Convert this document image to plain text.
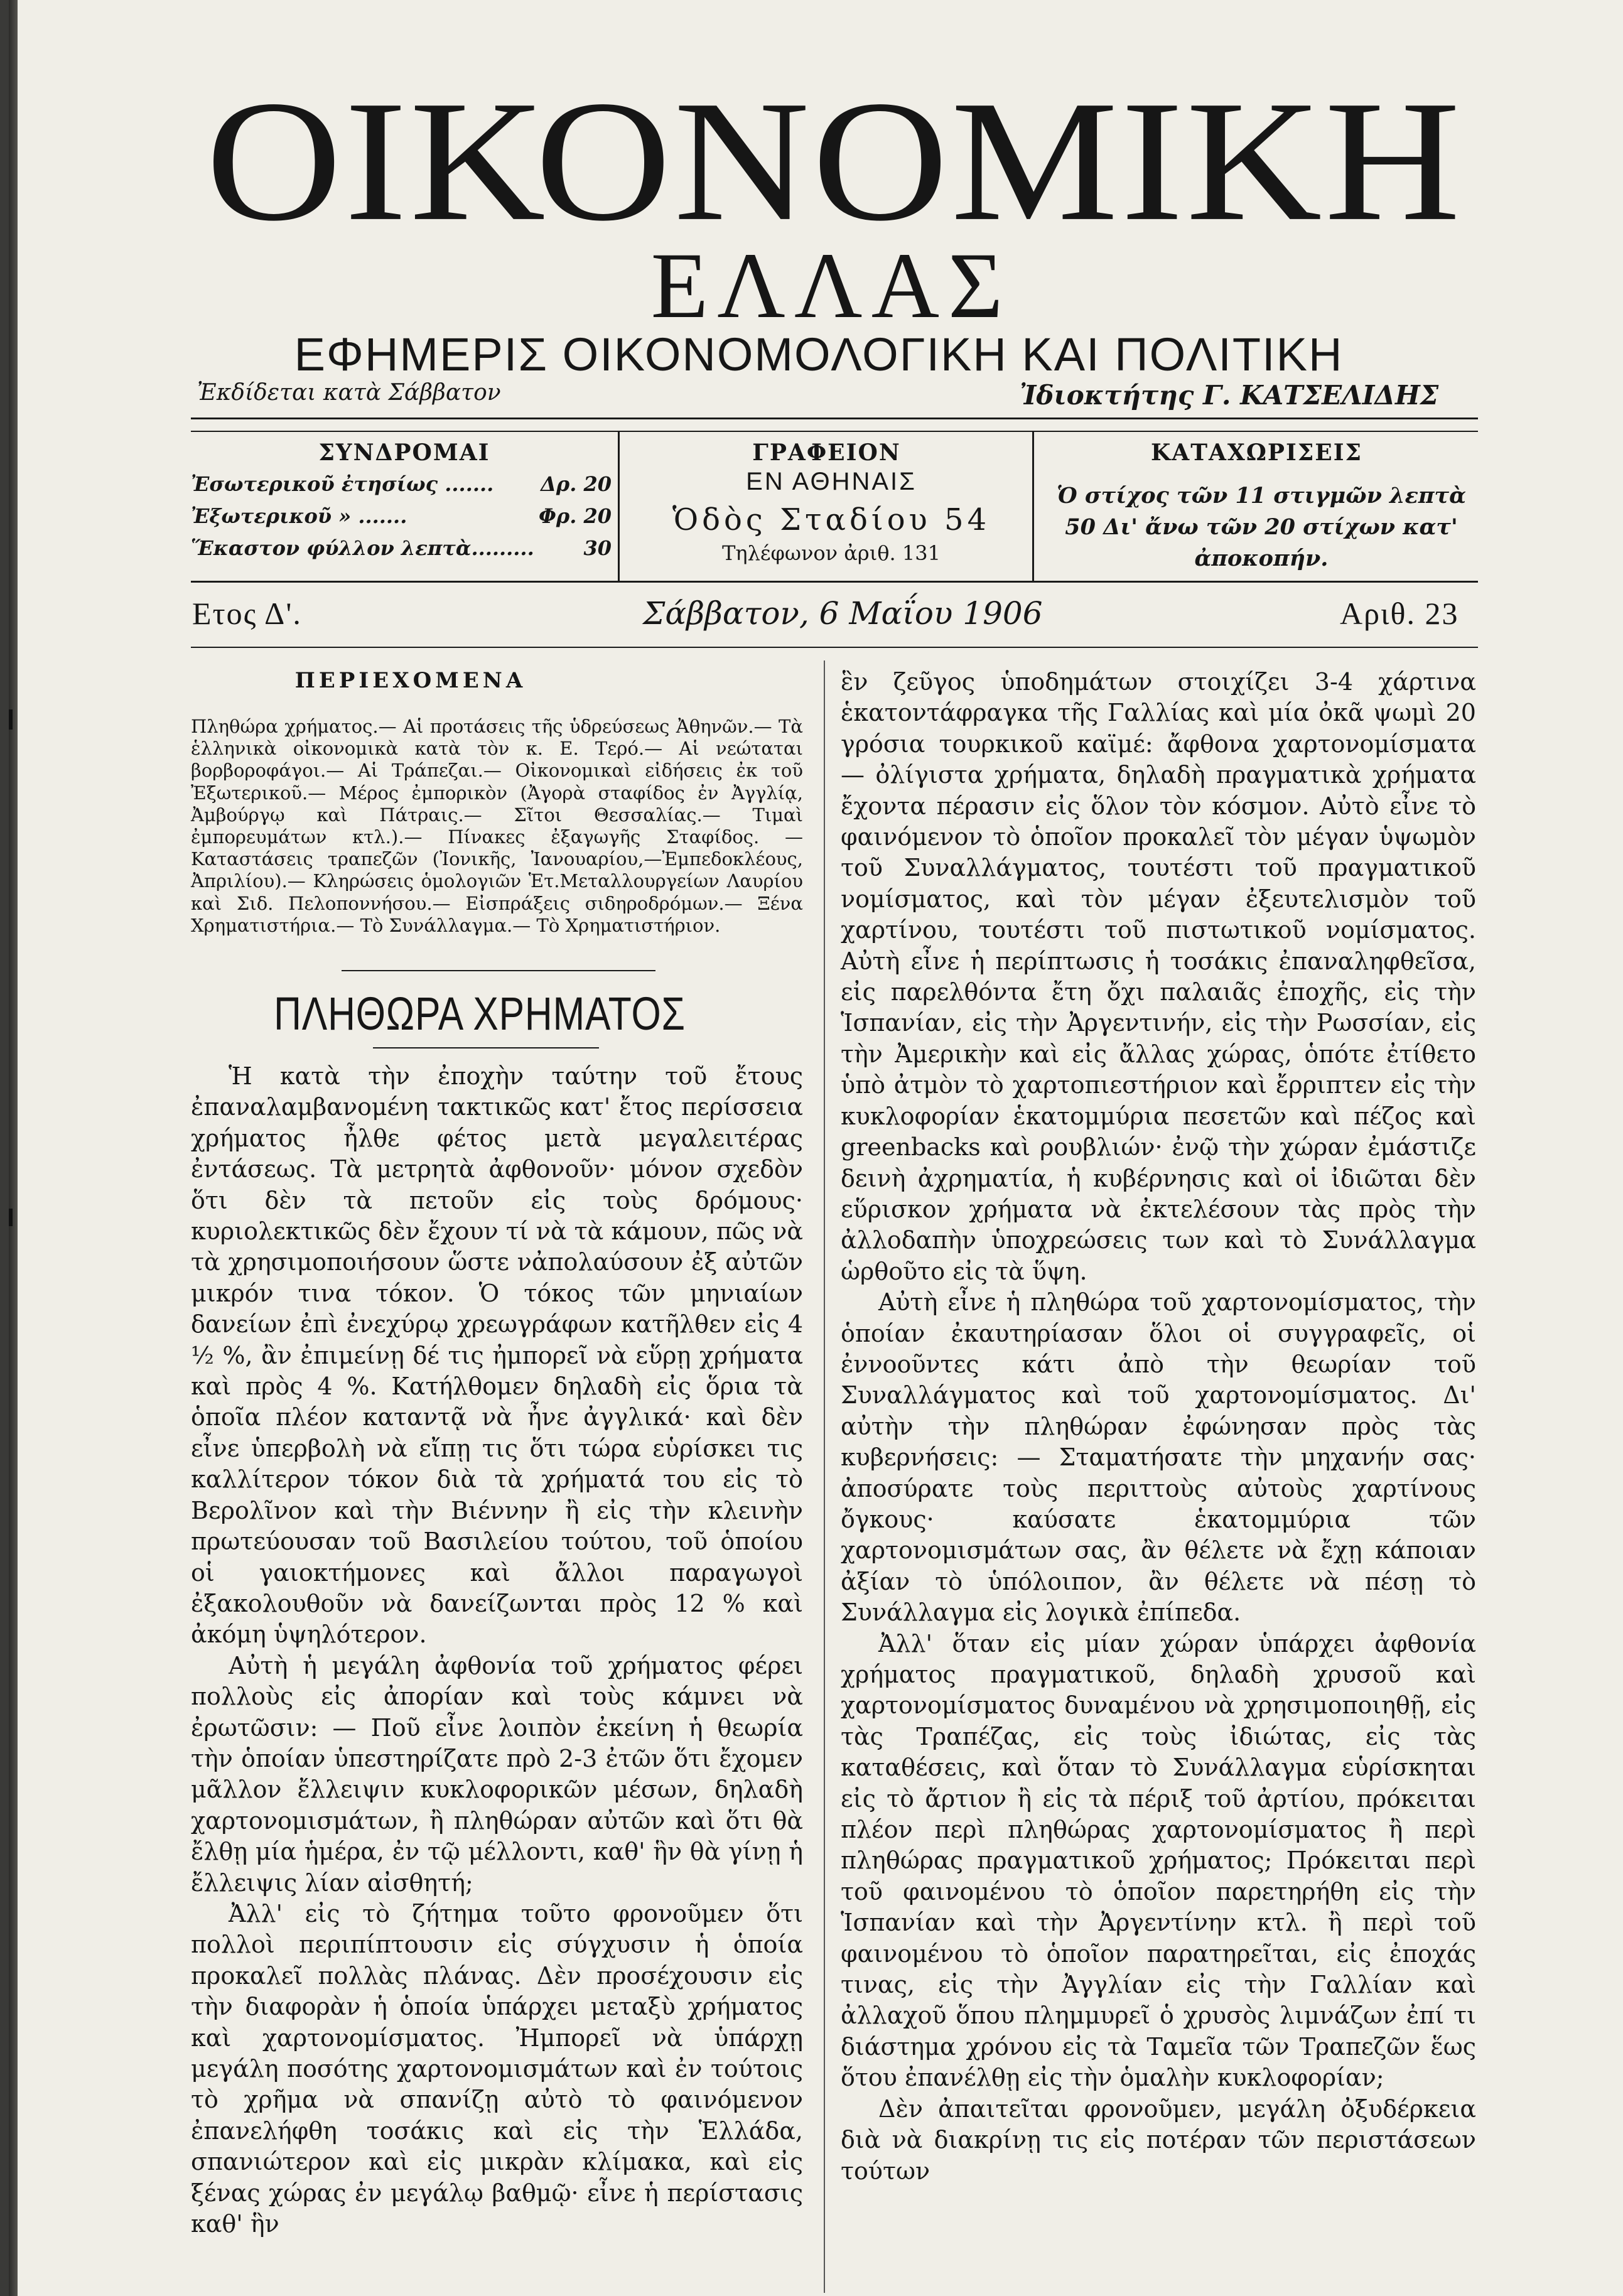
ΟΙΚΟΝΟΜΙΚΗ
ΕΛΛΑΣ
ΕΦΗΜΕΡΙΣ ΟΙΚΟΝΟΜΟΛΟΓΙΚΗ ΚΑΙ ΠΟΛΙΤΙΚΗ
Ἐκδίδεται κατὰ Σάββατον	Ἰδιοκτήτης Γ. ΚΑΤΣΕΛΙΔΗΣ
ΣΥΝΔΡΟΜΑΙ
Ἐσωτερικοῦ ἐτησίως ....... Δρ. 20
Ἐξωτερικοῦ » .......	Φρ. 20
Ἕκαστον φύλλον λεπτὰ......... 30
ΓΡΑΦΕΙΟΝ
ΕΝ ΑΘΗΝΑΙΣ
Ὁδὸς Σταδίου 54
Τηλέφωνον ἀριθ. 131
ΚΑΤΑΧΩΡΙΣΕΙΣ
Ὁ στίχος τῶν 11 στιγμῶν λεπτὰ 50 Δι' ἄνω τῶν 20 στίχων κατ' ἀποκοπήν.
Ετος Δ'.	Σάββατον, 6 Μαΐου 1906	Αριθ. 23
ΠΕΡΙΕΧΟΜΕΝΑ
Πληθώρα χρήματος.— Αἱ προτάσεις τῆς ὑδρεύσεως Ἀθηνῶν.— Τὰ ἑλληνικὰ οἰκονομικὰ κατὰ τὸν κ. Ε. Τερό.— Αἱ νεώταται βορβοροφάγοι.— Αἱ Τράπεζαι.— Οἰκονομικαὶ εἰδήσεις ἐκ τοῦ Ἐξωτερικοῦ.— Μέρος ἐμπορικὸν (Ἀγορὰ σταφίδος ἐν Ἀγγλίᾳ, Ἀμβούργῳ καὶ Πάτραις.— Σῖτοι Θεσσαλίας.— Τιμαὶ ἐμπορευμάτων κτλ.).— Πίνακες ἐξαγωγῆς Σταφίδος. — Καταστάσεις τραπεζῶν (Ἰονικῆς, Ἰανουαρίου,—Ἐμπεδοκλέους, Ἀπριλίου).— Κληρώσεις ὁμολογιῶν Ἑτ.Μεταλλουργείων Λαυρίου καὶ Σιδ. Πελοποννήσου.— Εἰσπράξεις σιδηροδρόμων.— Ξένα Χρηματιστήρια.— Τὸ Συνάλλαγμα.— Τὸ Χρηματιστήριον.
ΠΛΗΘΩΡΑ ΧΡΗΜΑΤΟΣ

Ἡ κατὰ τὴν ἐποχὴν ταύτην τοῦ ἔτους ἐπαναλαμβανομένη τακτικῶς κατ' ἔτος περίσσεια χρήματος ἦλθε φέτος μετὰ μεγαλειτέρας ἐντάσεως. Τὰ μετρητὰ ἀφθονοῦν· μόνον σχεδὸν ὅτι δὲν τὰ πετοῦν εἰς τοὺς δρόμους· κυριολεκτικῶς δὲν ἔχουν τί νὰ τὰ κάμουν, πῶς νὰ τὰ χρησιμοποιήσουν ὥστε νἀπολαύσουν ἐξ αὐτῶν μικρόν τινα τόκον. Ὁ τόκος τῶν μηνιαίων δανείων ἐπὶ ἐνεχύρῳ χρεωγράφων κατῆλθεν εἰς 4 ½ %, ἂν ἐπιμείνῃ δέ τις ἠμπορεῖ νὰ εὕρῃ χρήματα καὶ πρὸς 4 %. Κατήλθομεν δηλαδὴ εἰς ὅρια τὰ ὁποῖα πλέον καταντᾷ νὰ ἦνε ἀγγλικά· καὶ δὲν εἶνε ὑπερβολὴ νὰ εἴπῃ τις ὅτι τώρα εὑρίσκει τις καλλίτερον τόκον διὰ τὰ χρήματά του εἰς τὸ Βερολῖνον καὶ τὴν Βιέννην ἢ εἰς τὴν κλεινὴν πρωτεύουσαν τοῦ Βασιλείου τούτου, τοῦ ὁποίου οἱ γαιοκτήμονες καὶ ἄλλοι παραγωγοὶ ἐξακολουθοῦν νὰ δανείζωνται πρὸς 12 % καὶ ἀκόμη ὑψηλότερον.

Αὐτὴ ἡ μεγάλη ἀφθονία τοῦ χρήματος φέρει πολλοὺς εἰς ἀπορίαν καὶ τοὺς κάμνει νὰ ἐρωτῶσιν: — Ποῦ εἶνε λοιπὸν ἐκείνη ἡ θεωρία τὴν ὁποίαν ὑπεστηρίζατε πρὸ 2-3 ἐτῶν ὅτι ἔχομεν μᾶλλον ἔλλειψιν κυκλοφορικῶν μέσων, δηλαδὴ χαρτονομισμάτων, ἢ πληθώραν αὐτῶν καὶ ὅτι θὰ ἔλθῃ μία ἡμέρα, ἐν τῷ μέλλοντι, καθ' ἣν θὰ γίνῃ ἡ ἔλλειψις λίαν αἰσθητή;

Ἀλλ' εἰς τὸ ζήτημα τοῦτο φρονοῦμεν ὅτι πολλοὶ περιπίπτουσιν εἰς σύγχυσιν ἡ ὁποία προκαλεῖ πολλὰς πλάνας. Δὲν προσέχουσιν εἰς τὴν διαφορὰν ἡ ὁποία ὑπάρχει μεταξὺ χρήματος καὶ χαρτονομίσματος. Ἠμπορεῖ νὰ ὑπάρχῃ μεγάλη ποσότης χαρτονομισμάτων καὶ ἐν τούτοις τὸ χρῆμα νὰ σπανίζῃ αὐτὸ τὸ φαινόμενον ἐπανελήφθη τοσάκις καὶ εἰς τὴν Ἑλλάδα, σπανιώτερον καὶ εἰς μικρὰν κλίμακα, καὶ εἰς ξένας χώρας ἐν μεγάλῳ βαθμῷ· εἶνε ἡ περίστασις καθ' ἣν

ἓν ζεῦγος ὑποδημάτων στοιχίζει 3-4 χάρτινα ἑκατοντάφραγκα τῆς Γαλλίας καὶ μία ὀκᾶ ψωμὶ 20 γρόσια τουρκικοῦ καϊμέ: ἄφθονα χαρτονομίσματα — ὀλίγιστα χρήματα, δηλαδὴ πραγματικὰ χρήματα ἔχοντα πέρασιν εἰς ὅλον τὸν κόσμον. Αὐτὸ εἶνε τὸ φαινόμενον τὸ ὁποῖον προκαλεῖ τὸν μέγαν ὑψωμὸν τοῦ Συναλλάγματος, τουτέστι τοῦ πραγματικοῦ νομίσματος, καὶ τὸν μέγαν ἐξευτελισμὸν τοῦ χαρτίνου, τουτέστι τοῦ πιστωτικοῦ νομίσματος. Αὐτὴ εἶνε ἡ περίπτωσις ἡ τοσάκις ἐπαναληφθεῖσα, εἰς παρελθόντα ἔτη ὄχι παλαιᾶς ἐποχῆς, εἰς τὴν Ἱσπανίαν, εἰς τὴν Ἀργεντινήν, εἰς τὴν Ρωσσίαν, εἰς τὴν Ἀμερικὴν καὶ εἰς ἄλλας χώρας, ὁπότε ἐτίθετο ὑπὸ ἀτμὸν τὸ χαρτοπιεστήριον καὶ ἔρριπτεν εἰς τὴν κυκλοφορίαν ἑκατομμύρια πεσετῶν καὶ πέζος καὶ greenbacks καὶ ρουβλιών· ἐνῷ τὴν χώραν ἐμάστιζε δεινὴ ἀχρηματία, ἡ κυβέρνησις καὶ οἱ ἰδιῶται δὲν εὕρισκον χρήματα νὰ ἐκτελέσουν τὰς πρὸς τὴν ἀλλοδαπὴν ὑποχρεώσεις των καὶ τὸ Συνάλλαγμα ὡρθοῦτο εἰς τὰ ὕψη.

Αὐτὴ εἶνε ἡ πληθώρα τοῦ χαρτονομίσματος, τὴν ὁποίαν ἐκαυτηρίασαν ὅλοι οἱ συγγραφεῖς, οἱ ἐννοοῦντες κάτι ἀπὸ τὴν θεωρίαν τοῦ Συναλλάγματος καὶ τοῦ χαρτονομίσματος. Δι' αὐτὴν τὴν πληθώραν ἐφώνησαν πρὸς τὰς κυβερνήσεις: — Σταματήσατε τὴν μηχανήν σας· ἀποσύρατε τοὺς περιττοὺς αὐτοὺς χαρτίνους ὄγκους· καύσατε ἑκατομμύρια τῶν χαρτονομισμάτων σας, ἂν θέλετε νὰ ἔχῃ κάποιαν ἀξίαν τὸ ὑπόλοιπον, ἂν θέλετε νὰ πέσῃ τὸ Συνάλλαγμα εἰς λογικὰ ἐπίπεδα.

Ἀλλ' ὅταν εἰς μίαν χώραν ὑπάρχει ἀφθονία χρήματος πραγματικοῦ, δηλαδὴ χρυσοῦ καὶ χαρτονομίσματος δυναμένου νὰ χρησιμοποιηθῇ, εἰς τὰς Τραπέζας, εἰς τοὺς ἰδιώτας, εἰς τὰς καταθέσεις, καὶ ὅταν τὸ Συνάλλαγμα εὑρίσκηται εἰς τὸ ἄρτιον ἢ εἰς τὰ πέριξ τοῦ ἀρτίου, πρόκειται πλέον περὶ πληθώρας χαρτονομίσματος ἢ περὶ πληθώρας πραγματικοῦ χρήματος; Πρόκειται περὶ τοῦ φαινομένου τὸ ὁποῖον παρετηρήθη εἰς τὴν Ἱσπανίαν καὶ τὴν Ἀργεντίνην κτλ. ἢ περὶ τοῦ φαινομένου τὸ ὁποῖον παρατηρεῖται, εἰς ἐποχάς τινας, εἰς τὴν Ἀγγλίαν εἰς τὴν Γαλλίαν καὶ ἀλλαχοῦ ὅπου πλημμυρεῖ ὁ χρυσὸς λιμνάζων ἐπί τι διάστημα χρόνου εἰς τὰ Ταμεῖα τῶν Τραπεζῶν ἕως ὅτου ἐπανέλθῃ εἰς τὴν ὁμαλὴν κυκλοφορίαν;

Δὲν ἀπαιτεῖται φρονοῦμεν, μεγάλη ὀξυδέρκεια διὰ νὰ διακρίνῃ τις εἰς ποτέραν τῶν περιστάσεων τούτων
